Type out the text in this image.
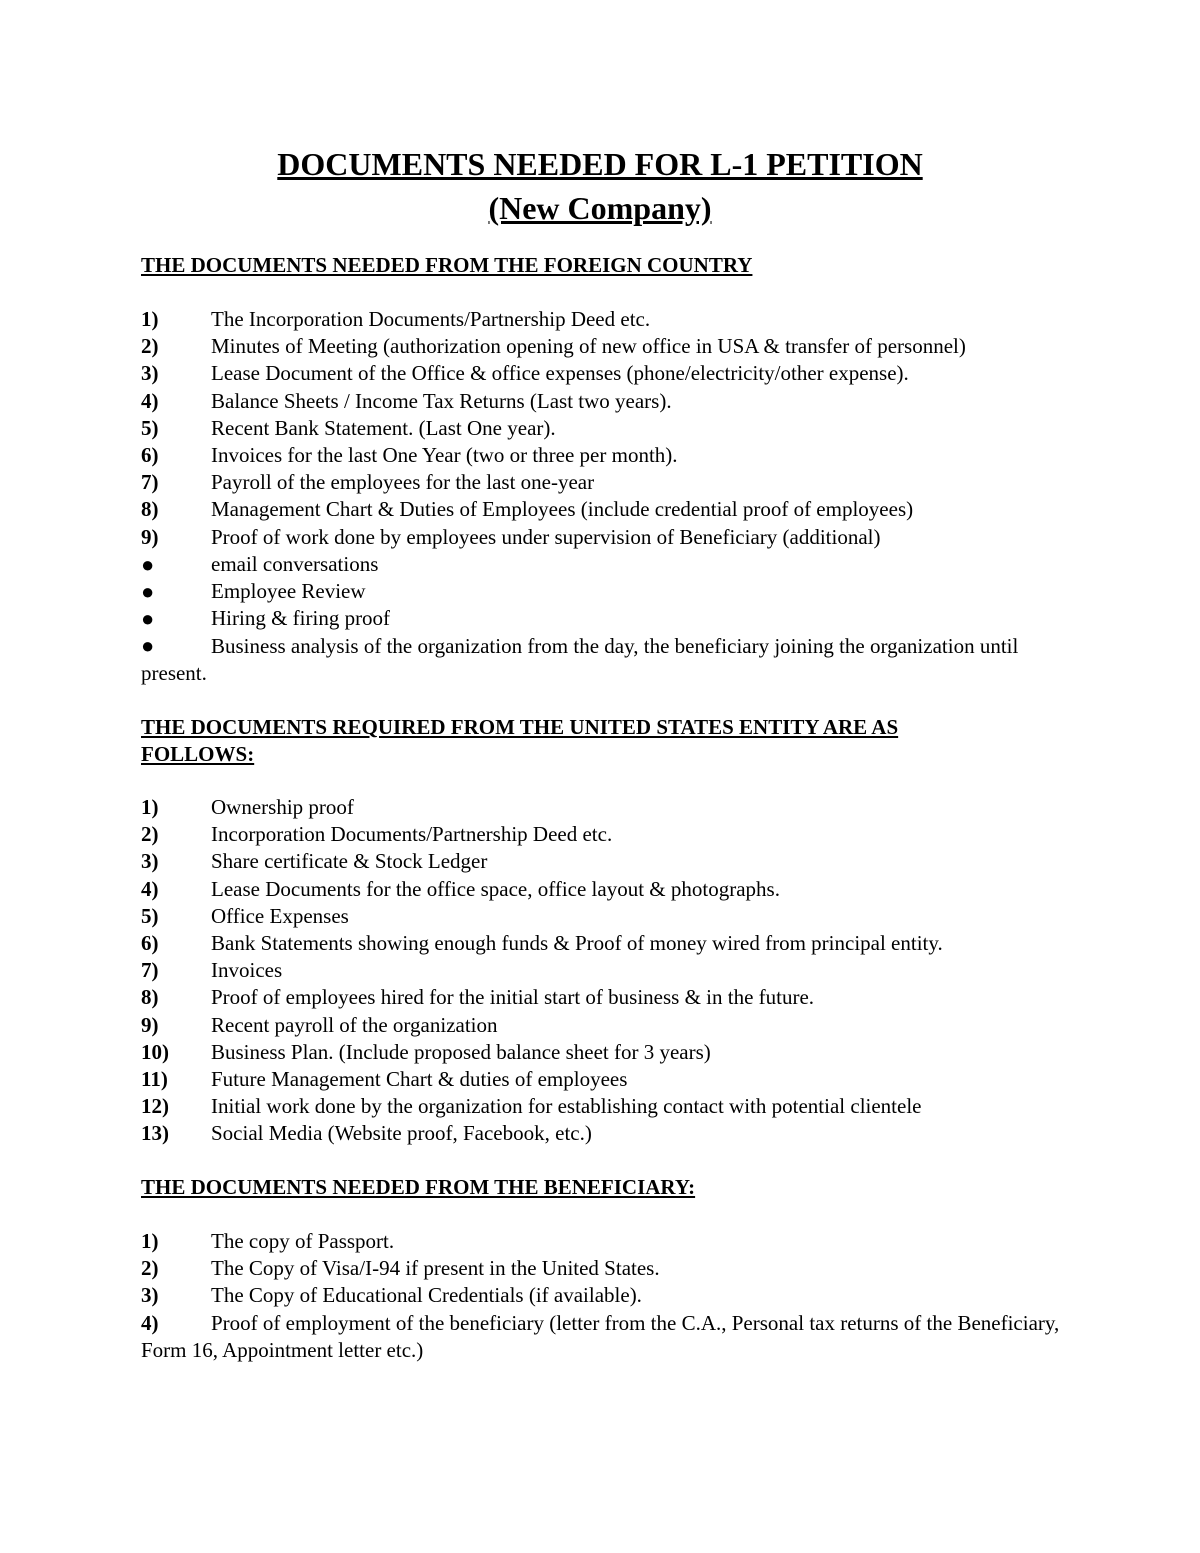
DOCUMENTS NEEDED FOR L-1 PETITION
(New Company)
THE DOCUMENTS NEEDED FROM THE FOREIGN COUNTRY
1)	The Incorporation Documents/Partnership Deed etc.
2)	Minutes of Meeting (authorization opening of new office in USA & transfer of personnel)
3)	Lease Document of the Office & office expenses (phone/electricity/other expense).
4)	Balance Sheets / Income Tax Returns (Last two years).
5)	Recent Bank Statement. (Last One year).
6)	Invoices for the last One Year (two or three per month).
7)	Payroll of the employees for the last one-year
8)	Management Chart & Duties of Employees (include credential proof of employees)
9)	Proof of work done by employees under supervision of Beneficiary (additional)
●	email conversations
●	Employee Review
●	Hiring & firing proof
●	Business analysis of the organization from the day, the beneficiary joining the organization until present.
THE DOCUMENTS REQUIRED FROM THE UNITED STATES ENTITY ARE AS FOLLOWS:
1)	Ownership proof
2)	Incorporation Documents/Partnership Deed etc.
3)	Share certificate & Stock Ledger
4)	Lease Documents for the office space, office layout & photographs.
5)	Office Expenses
6)	Bank Statements showing enough funds & Proof of money wired from principal entity.
7)	Invoices
8)	Proof of employees hired for the initial start of business & in the future.
9)	Recent payroll of the organization
10) Business Plan. (Include proposed balance sheet for 3 years)
11) Future Management Chart & duties of employees
12) Initial work done by the organization for establishing contact with potential clientele
13) Social Media (Website proof, Facebook, etc.)
THE DOCUMENTS NEEDED FROM THE BENEFICIARY:
1)	The copy of Passport.
2)	The Copy of Visa/I-94 if present in the United States.
3)	The Copy of Educational Credentials (if available).
4)	Proof of employment of the beneficiary (letter from the C.A., Personal tax returns of the Beneficiary, Form 16, Appointment letter etc.)
